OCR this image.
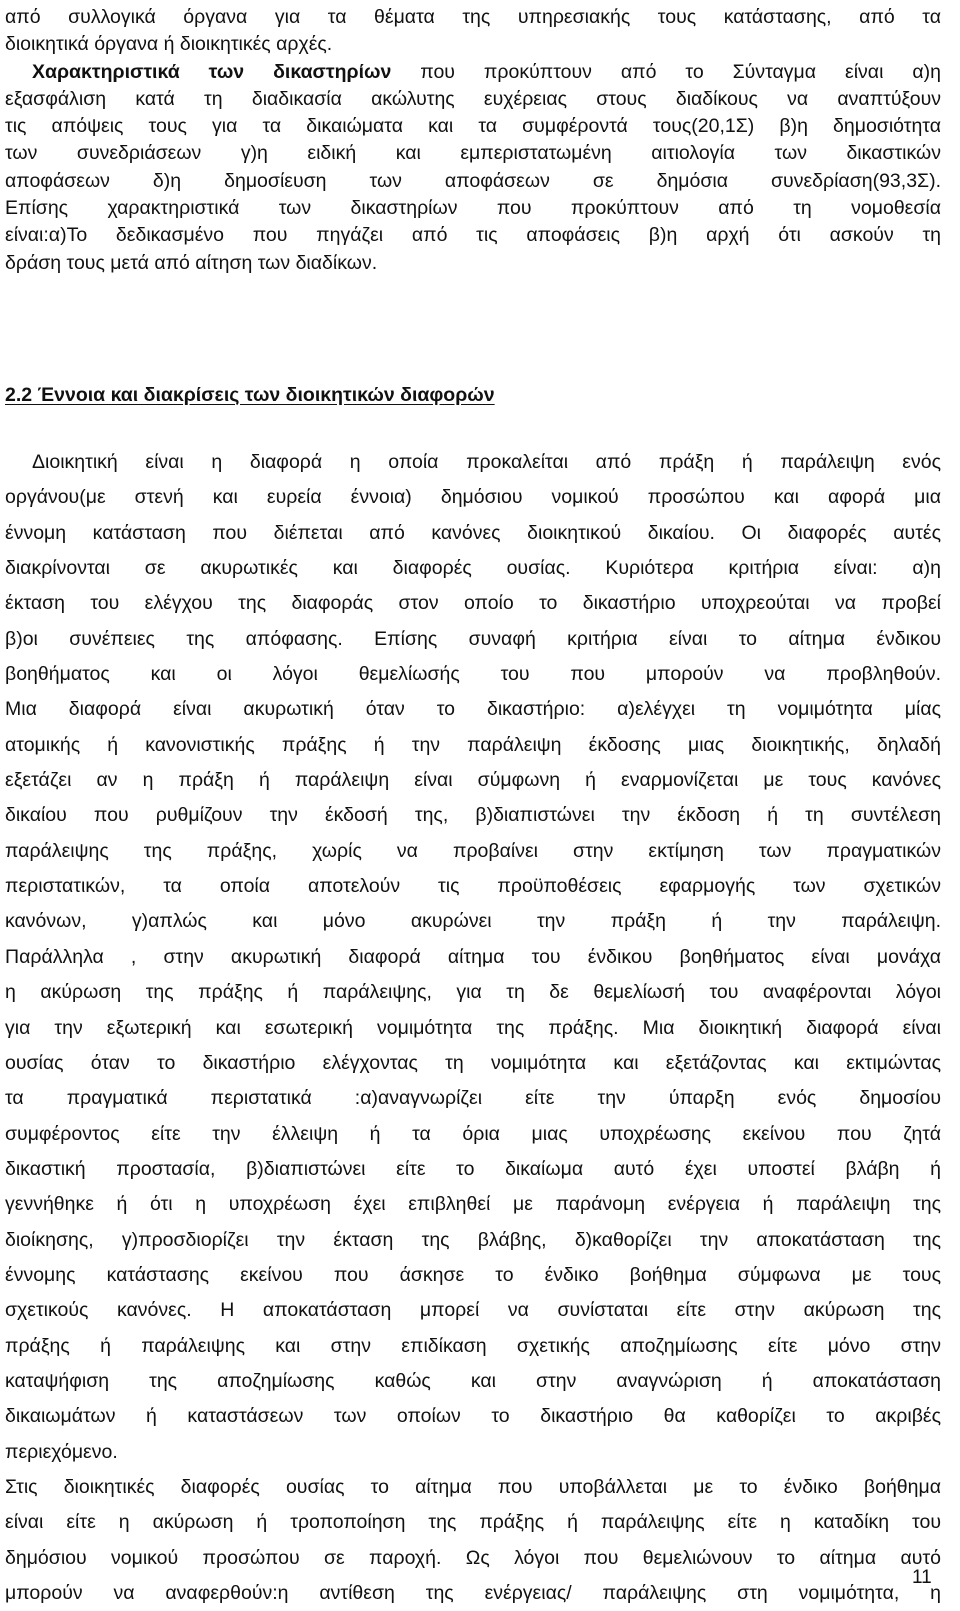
από συλλογικά όργανα για τα θέματα της υπηρεσιακής τους κατάστασης, από τα
διοικητικά όργανα ή διοικητικές αρχές.
Χαρακτηριστικά των δικαστηρίων που προκύπτουν από το Σύνταγμα είναι α)η
εξασφάλιση κατά τη διαδικασία ακώλυτης ευχέρειας στους διαδίκους να αναπτύξουν
τις απόψεις τους για τα δικαιώματα και τα συμφέροντά τους(20,1Σ) β)η δημοσιότητα
των συνεδριάσεων γ)η ειδική και εμπεριστατωμένη αιτιολογία των δικαστικών
αποφάσεων δ)η δημοσίευση των αποφάσεων σε δημόσια συνεδρίαση(93,3Σ).
Επίσης χαρακτηριστικά των δικαστηρίων που προκύπτουν από τη νομοθεσία
είναι:α)Το δεδικασμένο που πηγάζει από τις αποφάσεις β)η αρχή ότι ασκούν τη
δράση τους μετά από αίτηση των διαδίκων.
2.2 Έννοια και διακρίσεις των διοικητικών διαφορών
Διοικητική είναι η διαφορά η οποία προκαλείται από πράξη ή παράλειψη ενός
οργάνου(με στενή και ευρεία έννοια) δημόσιου νομικού προσώπου και αφορά μια
έννομη κατάσταση που διέπεται από κανόνες διοικητικού δικαίου. Οι διαφορές αυτές
διακρίνονται σε ακυρωτικές και διαφορές ουσίας. Κυριότερα κριτήρια είναι: α)η
έκταση του ελέγχου της διαφοράς στον οποίο το δικαστήριο υποχρεούται να προβεί
β)οι συνέπειες της απόφασης. Επίσης συναφή κριτήρια είναι το αίτημα ένδικου
βοηθήματος και οι λόγοι θεμελίωσής του που μπορούν να προβληθούν.
Μια διαφορά είναι ακυρωτική όταν το δικαστήριο: α)ελέγχει τη νομιμότητα μίας
ατομικής ή κανονιστικής πράξης ή την παράλειψη έκδοσης μιας διοικητικής, δηλαδή
εξετάζει αν η πράξη ή παράλειψη είναι σύμφωνη ή εναρμονίζεται με τους κανόνες
δικαίου που ρυθμίζουν την έκδοσή της, β)διαπιστώνει την έκδοση ή τη συντέλεση
παράλειψης της πράξης, χωρίς να προβαίνει στην εκτίμηση των πραγματικών
περιστατικών, τα οποία αποτελούν τις προϋποθέσεις εφαρμογής των σχετικών
κανόνων, γ)απλώς και μόνο ακυρώνει την πράξη ή την παράλειψη.
Παράλληλα , στην ακυρωτική διαφορά αίτημα του ένδικου βοηθήματος είναι μονάχα
η ακύρωση της πράξης ή παράλειψης, για τη δε θεμελίωσή του αναφέρονται λόγοι
για την εξωτερική και εσωτερική νομιμότητα της πράξης. Μια διοικητική διαφορά είναι
ουσίας όταν το δικαστήριο ελέγχοντας τη νομιμότητα και εξετάζοντας και εκτιμώντας
τα πραγματικά περιστατικά :α)αναγνωρίζει είτε την ύπαρξη ενός δημοσίου
συμφέροντος είτε την έλλειψη ή τα όρια μιας υποχρέωσης εκείνου που ζητά
δικαστική προστασία, β)διαπιστώνει είτε το δικαίωμα αυτό έχει υποστεί βλάβη ή
γεννήθηκε ή ότι η υποχρέωση έχει επιβληθεί με παράνομη ενέργεια ή παράλειψη της
διοίκησης, γ)προσδιορίζει την έκταση της βλάβης, δ)καθορίζει την αποκατάσταση της
έννομης κατάστασης εκείνου που άσκησε το ένδικο βοήθημα σύμφωνα με τους
σχετικούς κανόνες. Η αποκατάσταση μπορεί να συνίσταται είτε στην ακύρωση της
πράξης ή παράλειψης και στην επιδίκαση σχετικής αποζημίωσης είτε μόνο στην
καταψήφιση της αποζημίωσης καθώς και στην αναγνώριση ή αποκατάσταση
δικαιωμάτων ή καταστάσεων των οποίων το δικαστήριο θα καθορίζει το ακριβές
περιεχόμενο.
Στις διοικητικές διαφορές ουσίας το αίτημα που υποβάλλεται με το ένδικο βοήθημα
είναι είτε η ακύρωση ή τροποποίηση της πράξης ή παράλειψης είτε η καταδίκη του
δημόσιου νομικού προσώπου σε παροχή. Ως λόγοι που θεμελιώνουν το αίτημα αυτό
μπορούν να αναφερθούν:η αντίθεση της ενέργειας/ παράλειψης στη νομιμότητα, η
11
